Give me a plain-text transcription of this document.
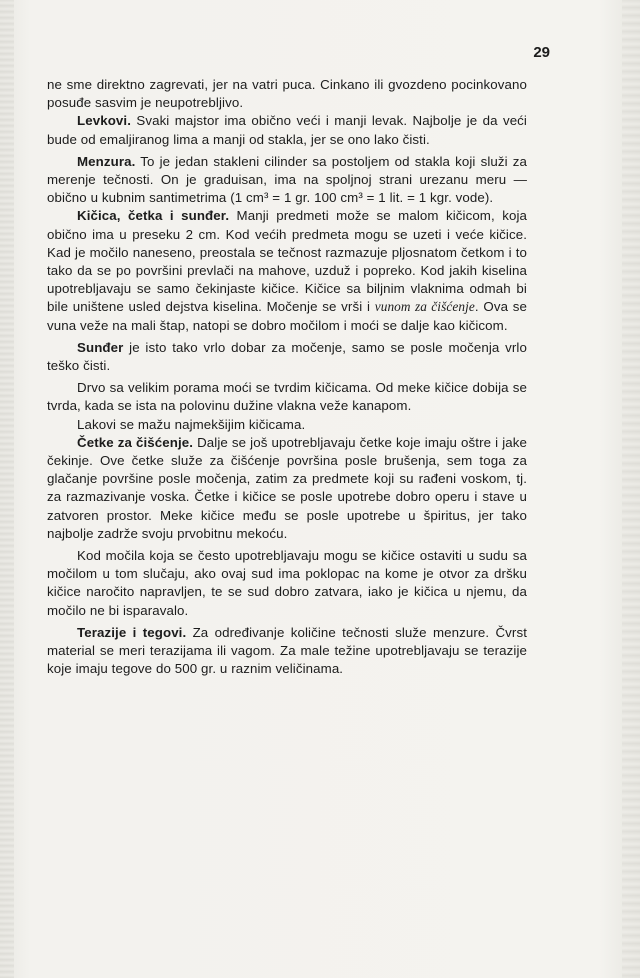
29

ne sme direktno zagrevati, jer na vatri puca. Cinkano ili gvozdeno pocinkovano posuđe sasvim je neupotrebljivo.

Levkovi. Svaki majstor ima obično veći i manji levak. Najbolje je da veći bude od emaljiranog lima a manji od stakla, jer se ono lako čisti.

Menzura. To je jedan stakleni cilinder sa postoljem od stakla koji služi za merenje tečnosti. On je graduisan, ima na spoljnoj strani urezanu meru — obično u kubnim santimetrima (1 cm³ = 1 gr. 100 cm³ = 1 lit. = 1 kgr. vode).

Kičica, četka i sunđer. Manji predmeti može se malom kičicom, koja obično ima u preseku 2 cm. Kod većih predmeta mogu se uzeti i veće kičice. Kad je močilo naneseno, preostala se tečnost razmazuje pljosnatom četkom i to tako da se po površini prevlači na mahove, uzduž i popreko. Kod jakih kiselina upotrebljavaju se samo čekinjaste kičice. Kičice sa biljnim vlaknima odmah bi bile uništene usled dejstva kiselina. Močenje se vrši i vunom za čišćenje. Ova se vuna veže na mali štap, natopi se dobro močilom i moći se dalje kao kičicom.

Sunđer je isto tako vrlo dobar za močenje, samo se posle močenja vrlo teško čisti.

Drvo sa velikim porama moći se tvrdim kičicama. Od meke kičice dobija se tvrda, kada se ista na polovinu dužine vlakna veže kanapom.

Lakovi se mažu najmekšijim kičicama.

Četke za čišćenje. Dalje se još upotrebljavaju četke koje imaju oštre i jake čekinje. Ove četke služe za čišćenje površina posle brušenja, sem toga za glačanje površine posle močenja, zatim za predmete koji su rađeni voskom, tj. za razmazivanje voska. Četke i kičice se posle upotrebe dobro operu i stave u zatvoren prostor. Meke kičice među se posle upotrebe u špiritus, jer tako najbolje zadrže svoju prvobitnu mekoću.

Kod močila koja se često upotrebljavaju mogu se kičice ostaviti u sudu sa močilom u tom slučaju, ako ovaj sud ima poklopac na kome je otvor za dršku kičice naročito napravljen, te se sud dobro zatvara, iako je kičica u njemu, da močilo ne bi isparavalo.

Terazije i tegovi. Za određivanje količine tečnosti služe menzure. Čvrst material se meri terazijama ili vagom. Za male težine upotrebljavaju se terazije koje imaju tegove do 500 gr. u raznim veličinama.
